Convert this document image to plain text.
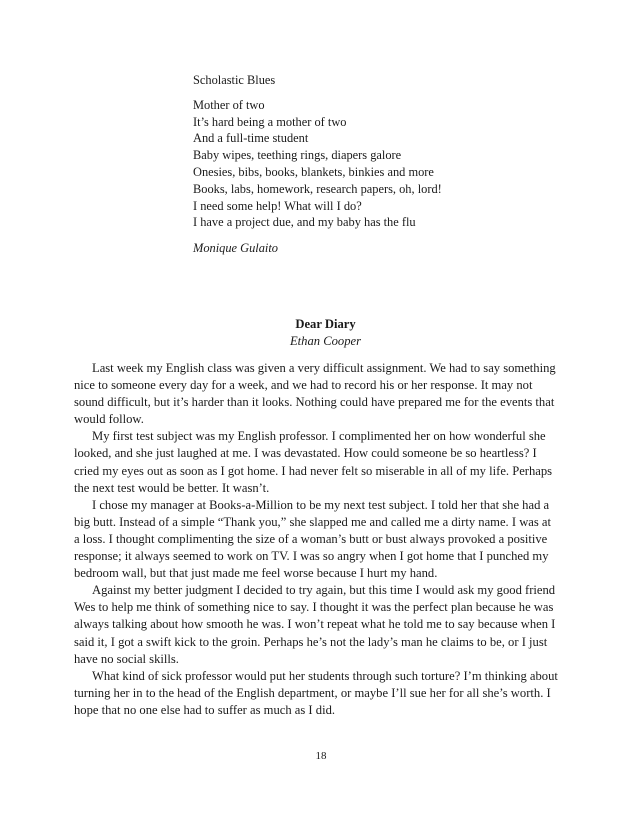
Scholastic Blues
Mother of two
It’s hard being a mother of two
And a full-time student
Baby wipes, teething rings, diapers galore
Onesies, bibs, books, blankets, binkies and more
Books, labs, homework, research papers, oh, lord!
I need some help! What will I do?
I have a project due, and my baby has the flu
Monique Gulaito
Dear Diary
Ethan Cooper
Last week my English class was given a very difficult assignment. We had to say something
nice to someone every day for a week, and we had to record his or her response. It may not
sound difficult, but it’s harder than it looks. Nothing could have prepared me for the events that
would follow.
My first test subject was my English professor. I complimented her on how wonderful she
looked, and she just laughed at me. I was devastated. How could someone be so heartless? I
cried my eyes out as soon as I got home. I had never felt so miserable in all of my life. Perhaps
the next test would be better. It wasn’t.
I chose my manager at Books-a-Million to be my next test subject. I told her that she had a
big butt. Instead of a simple “Thank you,” she slapped me and called me a dirty name. I was at
a loss. I thought complimenting the size of a woman’s butt or bust always provoked a positive
response; it always seemed to work on TV. I was so angry when I got home that I punched my
bedroom wall, but that just made me feel worse because I hurt my hand.
Against my better judgment I decided to try again, but this time I would ask my good friend
Wes to help me think of something nice to say. I thought it was the perfect plan because he was
always talking about how smooth he was. I won’t repeat what he told me to say because when I
said it, I got a swift kick to the groin. Perhaps he’s not the lady’s man he claims to be, or I just
have no social skills.
What kind of sick professor would put her students through such torture? I’m thinking about
turning her in to the head of the English department, or maybe I’ll sue her for all she’s worth. I
hope that no one else had to suffer as much as I did.
18
